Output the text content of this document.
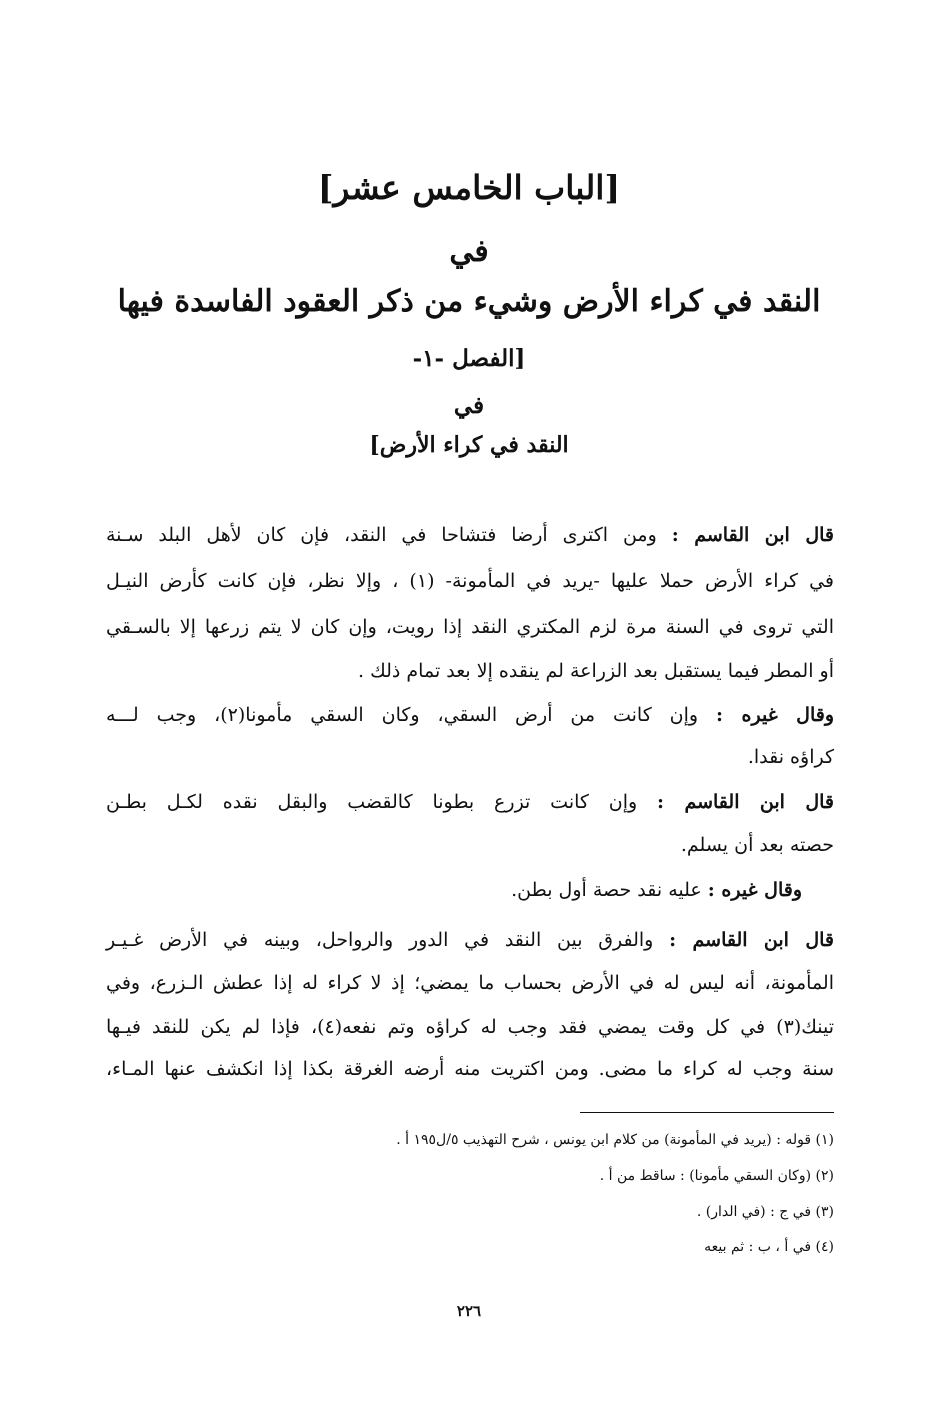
[الباب الخامس عشر]
في
النقد في كراء الأرض وشيء من ذكر العقود الفاسدة فيها
[الفصل -١-
في
النقد في كراء الأرض]
قال ابن القاسم : ومن اكترى أرضا فتشاحا في النقد، فإن كان لأهل البلد سـنة
في كراء الأرض حملا عليها -يريد في المأمونة- (١) ، وإلا نظر، فإن كانت كأرض النيـل
التي تروى في السنة مرة لزم المكتري النقد إذا رويت، وإن كان لا يتم زرعها إلا بالسـقي
أو المطر فيما يستقبل بعد الزراعة لم ينقده إلا بعد تمام ذلك .
وقال غيره : وإن كانت من أرض السقي، وكان السقي مأمونا(٢)، وجب لـــه
كراؤه نقدا.
قال ابن القاسم : وإن كانت تزرع بطونا كالقضب والبقل نقده لكـل بطـن
حصته بعد أن يسلم.
وقال غيره : عليه نقد حصة أول بطن.
قال ابن القاسم : والفرق بين النقد في الدور والرواحل، وبينه في الأرض غـيـر
المأمونة، أنه ليس له في الأرض بحساب ما يمضي؛ إذ لا كراء له إذا عطش الـزرع، وفي
تينك(٣) في كل وقت يمضي فقد وجب له كراؤه وتم نفعه(٤)، فإذا لم يكن للنقد فيـها
سنة وجب له كراء ما مضى. ومن اكتريت منه أرضه الغرقة بكذا إذا انكشف عنها المـاء،
(١) قوله : (يريد في المأمونة) من كلام ابن يونس ، شرح التهذيب ٥/ل١٩٥ أ .
(٢) (وكان السقي مأمونا) : ساقط من أ .
(٣) في ج : (في الدار) .
(٤) في أ ، ب : ثم بيعه
٢٢٦
